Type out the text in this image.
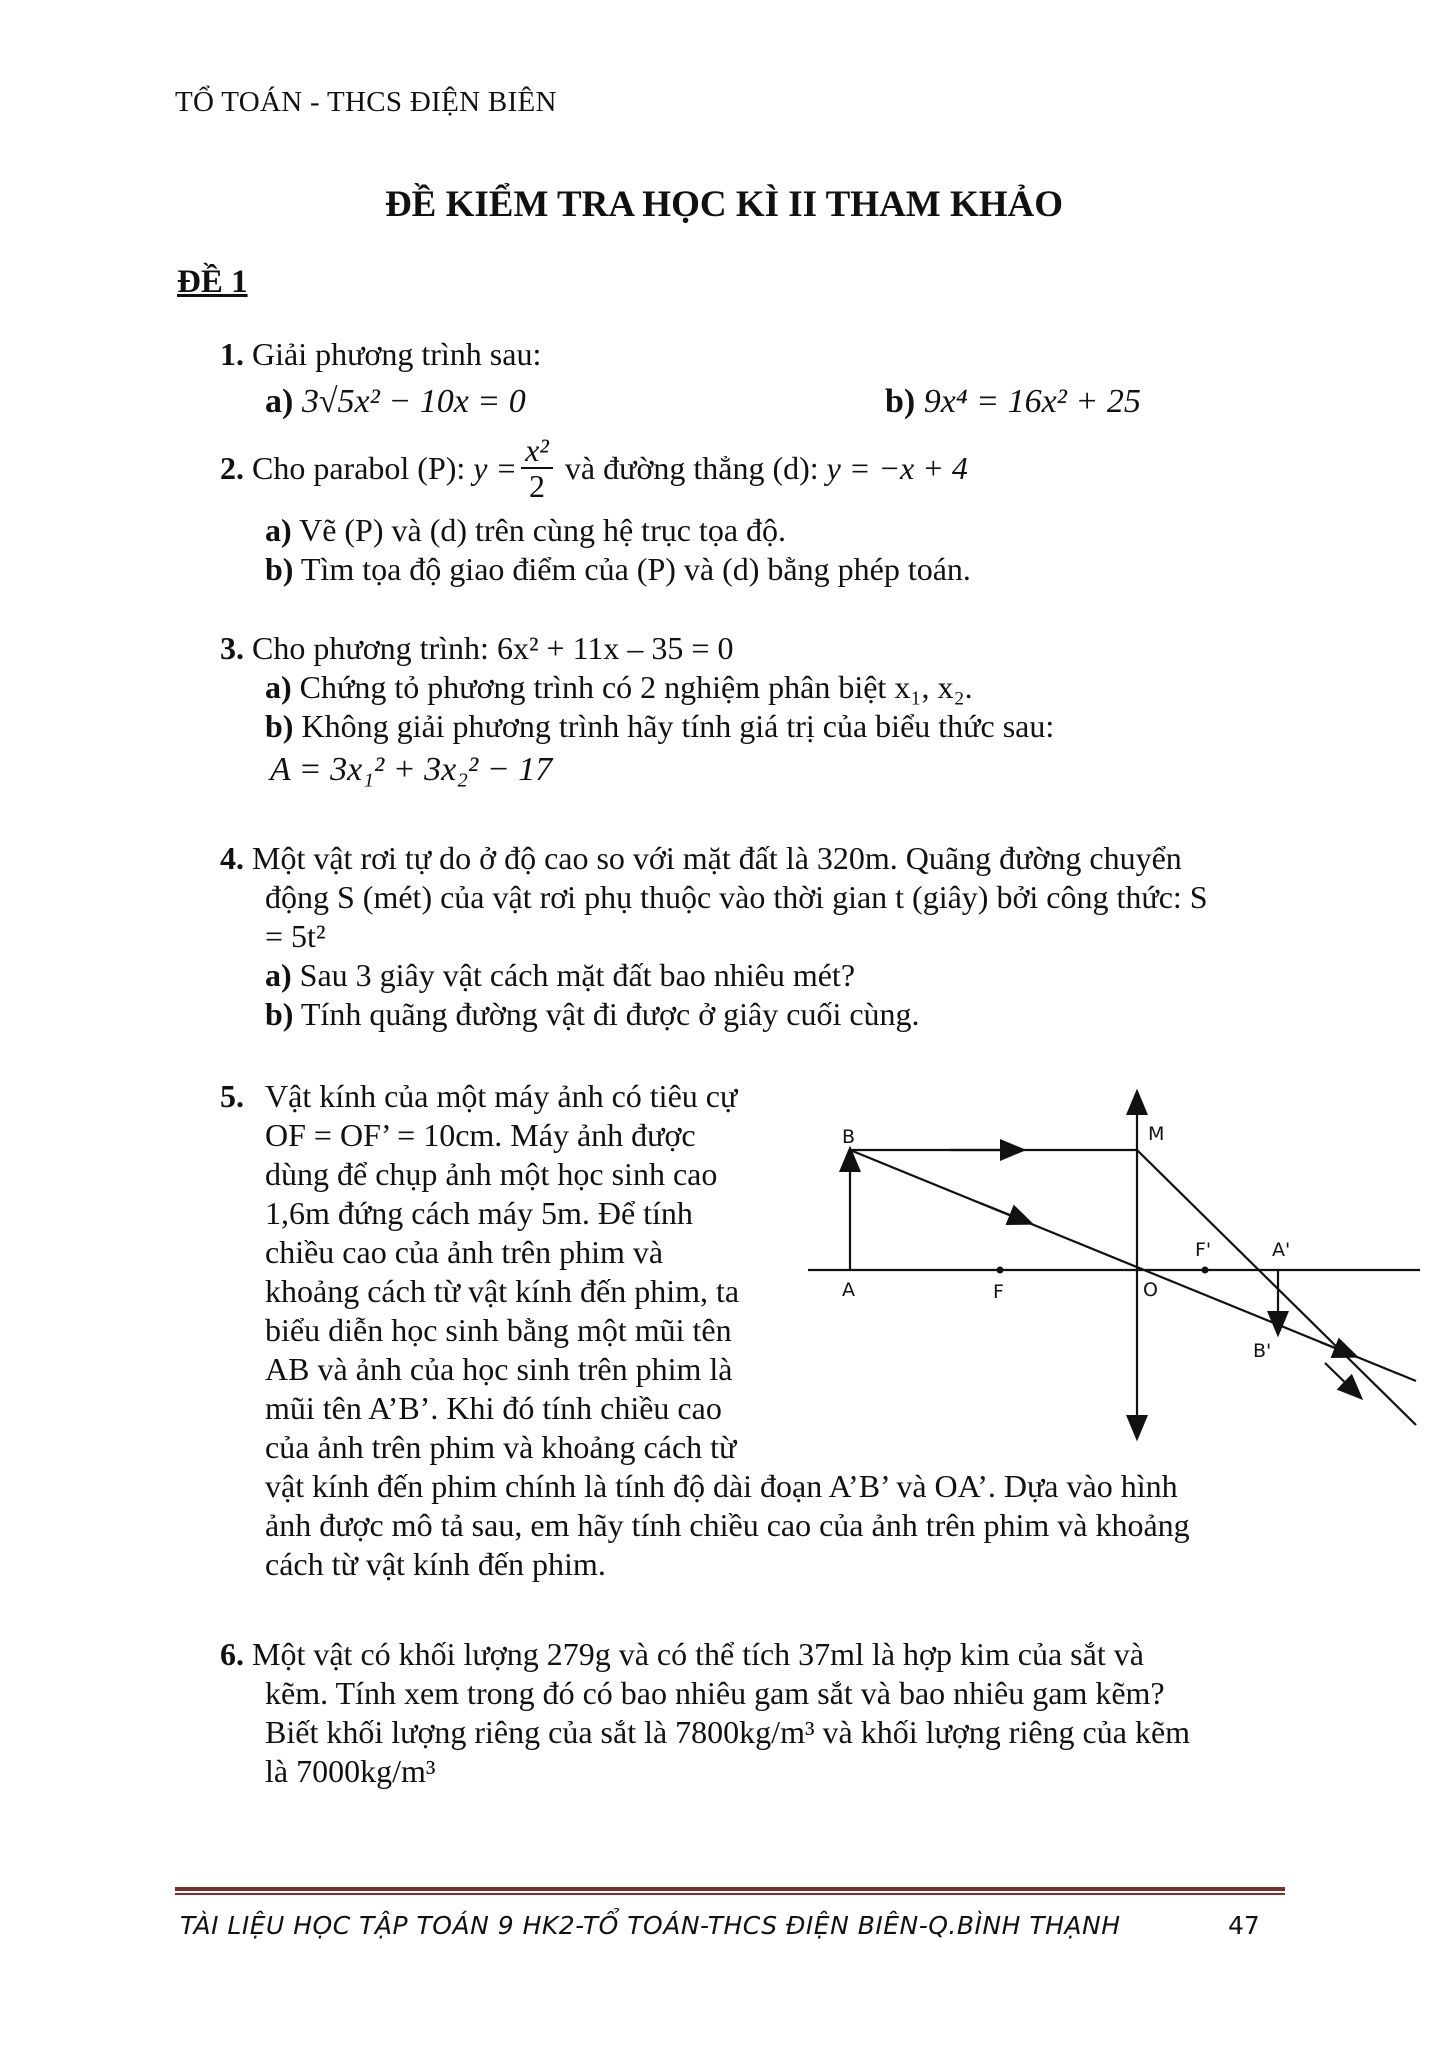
TỔ TOÁN - THCS ĐIỆN BIÊN
ĐỀ KIỂM TRA HỌC KÌ II THAM KHẢO
ĐỀ 1
1. Giải phương trình sau:
a) 3√5x² − 10x = 0	b) 9x⁴ = 16x² + 25
2.
Cho parabol (P):
$y = \frac{\text{x²}}{2}$
và đường thẳng (d):
y = −x + 4
a) Vẽ (P) và (d) trên cùng hệ trục tọa độ.
b) Tìm tọa độ giao điểm của (P) và (d) bằng phép toán.
3. Cho phương trình: 6x² + 11x – 35 = 0
a) Chứng tỏ phương trình có 2 nghiệm phân biệt x₁, x₂.
b) Không giải phương trình hãy tính giá trị của biểu thức sau:
A = 3x₁² + 3x₂² − 17
4. Một vật rơi tự do ở độ cao so với mặt đất là 320m. Quãng đường chuyển
động S (mét) của vật rơi phụ thuộc vào thời gian t (giây) bởi công thức: S
= 5t²
a) Sau 3 giây vật cách mặt đất bao nhiêu mét?
b) Tính quãng đường vật đi được ở giây cuối cùng.
5. Vật kính của một máy ảnh có tiêu cự
OF = OF’ = 10cm. Máy ảnh được
dùng để chụp ảnh một học sinh cao
1,6m đứng cách máy 5m. Để tính
chiều cao của ảnh trên phim và
khoảng cách từ vật kính đến phim, ta
biểu diễn học sinh bằng một mũi tên
AB và ảnh của học sinh trên phim là
mũi tên A’B’. Khi đó tính chiều cao
của ảnh trên phim và khoảng cách từ
vật kính đến phim chính là tính độ dài đoạn A’B’ và OA’. Dựa vào hình
ảnh được mô tả sau, em hãy tính chiều cao của ảnh trên phim và khoảng
cách từ vật kính đến phim.
B	M
A	F	O
F'	A'
B'
6. Một vật có khối lượng 279g và có thể tích 37ml là hợp kim của sắt và
kẽm. Tính xem trong đó có bao nhiêu gam sắt và bao nhiêu gam kẽm?
Biết khối lượng riêng của sắt là 7800kg/m³ và khối lượng riêng của kẽm
là 7000kg/m³
TÀI LIỆU HỌC TẬP TOÁN 9 HK2-TỔ TOÁN-THCS ĐIỆN BIÊN-Q.BÌNH THẠNH	47
